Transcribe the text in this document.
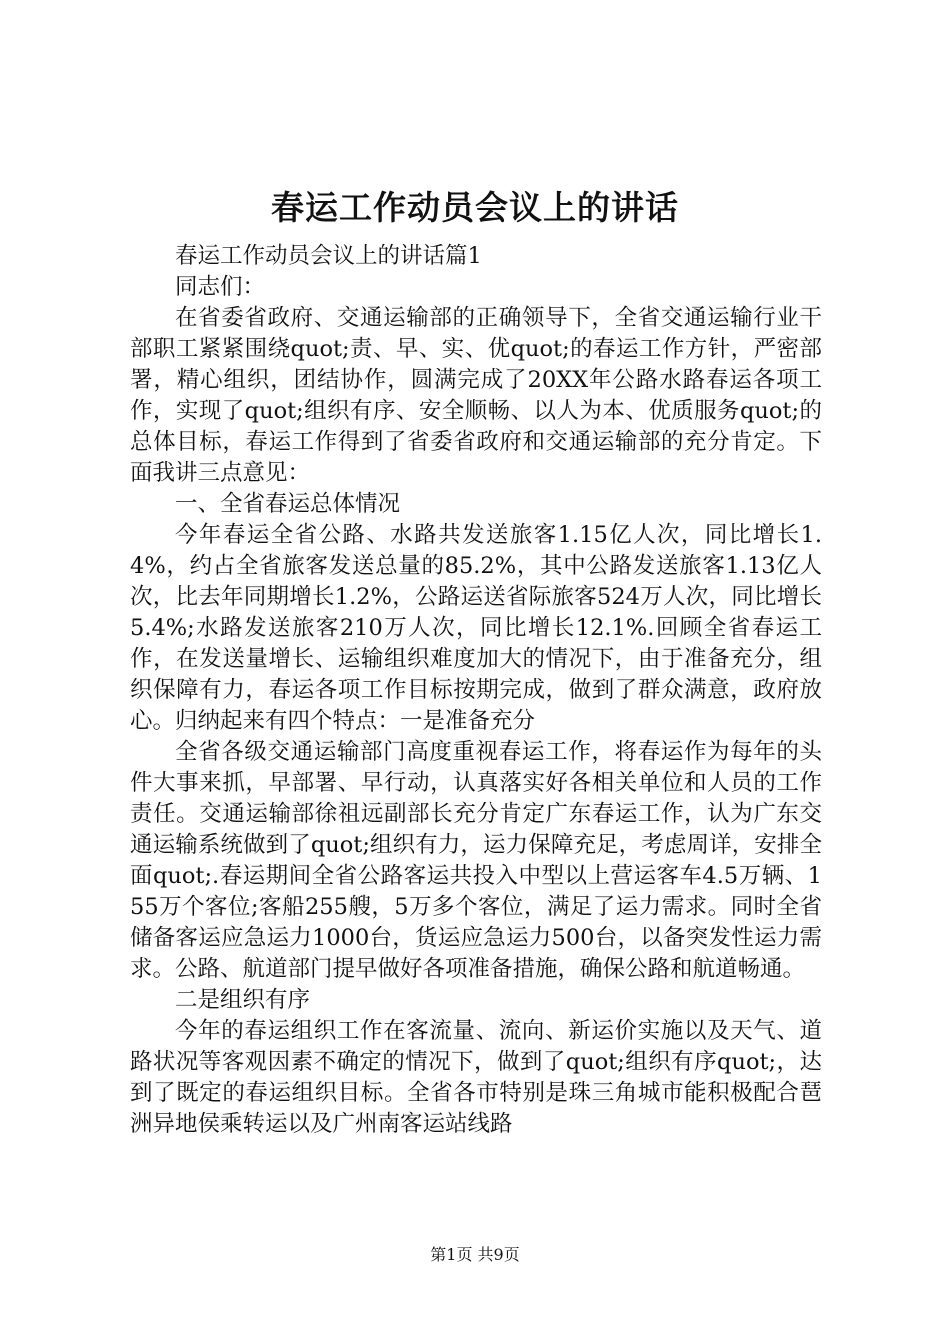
春运工作动员会议上的讲话

春运工作动员会议上的讲话篇1

同志们：

在省委省政府、交通运输部的正确领导下，全省交通运输行业干部职工紧紧围绕quot;责、早、实、优quot;的春运工作方针，严密部署，精心组织，团结协作，圆满完成了20XX年公路水路春运各项工作，实现了quot;组织有序、安全顺畅、以人为本、优质服务quot;的总体目标，春运工作得到了省委省政府和交通运输部的充分肯定。下面我讲三点意见：

一、全省春运总体情况

今年春运全省公路、水路共发送旅客1.15亿人次，同比增长1.4%，约占全省旅客发送总量的85.2%，其中公路发送旅客1.13亿人次，比去年同期增长1.2%，公路运送省际旅客524万人次，同比增长5.4%;水路发送旅客210万人次，同比增长12.1%.回顾全省春运工作，在发送量增长、运输组织难度加大的情况下，由于准备充分，组织保障有力，春运各项工作目标按期完成，做到了群众满意，政府放心。归纳起来有四个特点：一是准备充分

全省各级交通运输部门高度重视春运工作，将春运作为每年的头件大事来抓，早部署、早行动，认真落实好各相关单位和人员的工作责任。交通运输部徐祖远副部长充分肯定广东春运工作，认为广东交通运输系统做到了quot;组织有力，运力保障充足，考虑周详，安排全面quot;.春运期间全省公路客运共投入中型以上营运客车4.5万辆、155万个客位;客船255艘，5万多个客位，满足了运力需求。同时全省储备客运应急运力1000台，货运应急运力500台，以备突发性运力需求。公路、航道部门提早做好各项准备措施，确保公路和航道畅通。

二是组织有序

今年的春运组织工作在客流量、流向、新运价实施以及天气、道路状况等客观因素不确定的情况下，做到了quot;组织有序quot;，达到了既定的春运组织目标。全省各市特别是珠三角城市能积极配合琶洲异地侯乘转运以及广州南客运站线路

第1页 共9页
